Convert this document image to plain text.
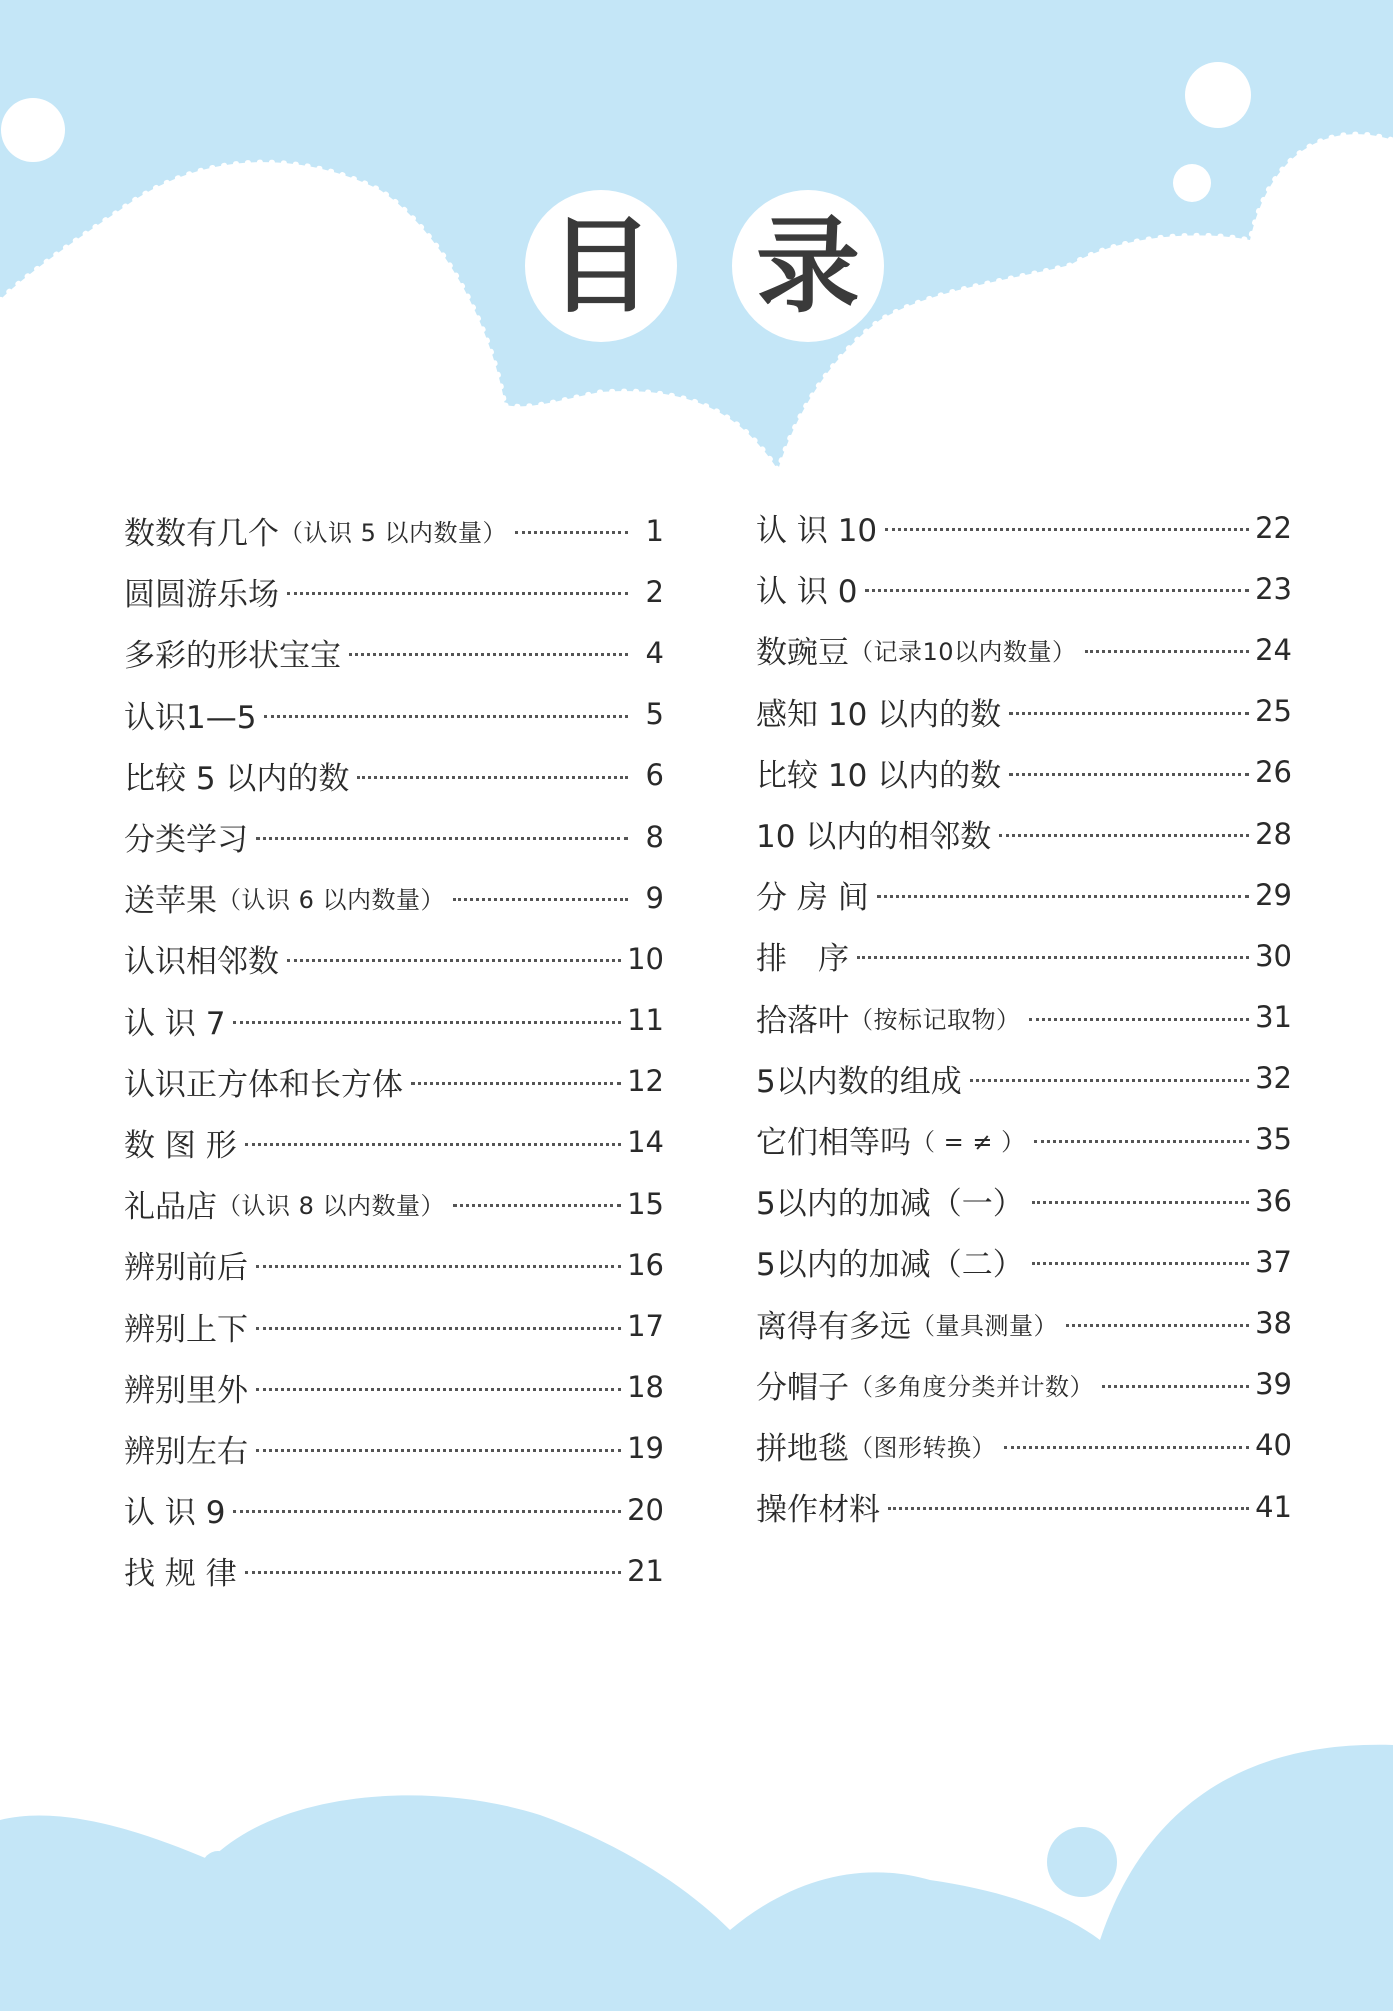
目 录
数数有几个 （认识 5 以内数量）	1
圆圆游乐场	2
多彩的形状宝宝	4
认识1—5	5
比较 5 以内的数	6
分类学习	8
送苹果 （认识 6 以内数量）	9
认识相邻数	10
认 识 7	11
认识正方体和长方体	12
数 图 形	14
礼品店 （认识 8 以内数量）	15
辨别前后	16
辨别上下	17
辨别里外	18
辨别左右	19
认 识 9	20
找 规 律	21
认 识 10	22
认 识 0	23
数豌豆 （记录10以内数量）	24
感知 10 以内的数	25
比较 10 以内的数	26
10 以内的相邻数	28
分 房 间	29
排　序	30
拾落叶 （按标记取物）	31
5以内数的组成	32
它们相等吗 （ = ≠ ）	35
5以内的加减（一）	36
5以内的加减（二）	37
离得有多远 （量具测量）	38
分帽子 （多角度分类并计数）	39
拼地毯 （图形转换）	40
操作材料	41
